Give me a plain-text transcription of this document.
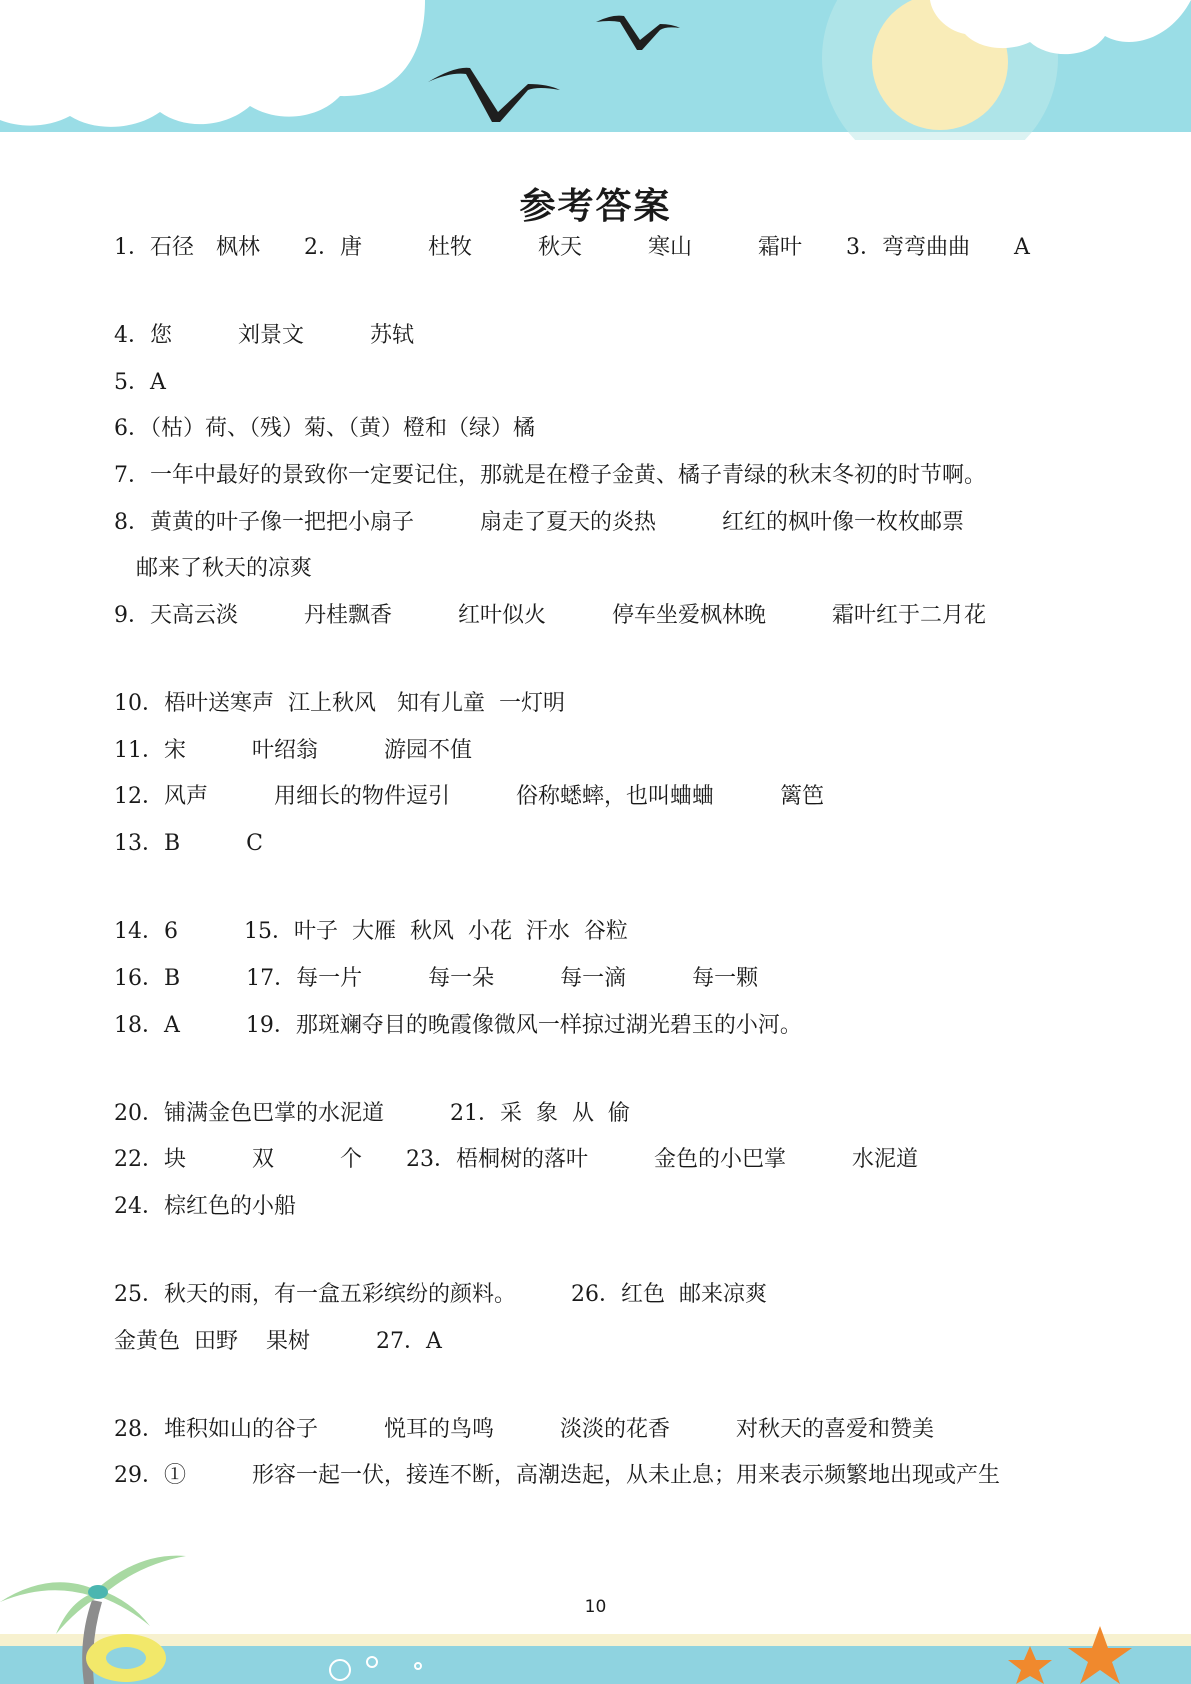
参考答案
1．石径　枫林　　2．唐　　　杜牧　　　秋天　　　寒山　　　霜叶　　3．弯弯曲曲　　A
4．您　　　刘景文　　　苏轼
5．A
6．（枯）荷、（残）菊、（黄）橙和（绿）橘
7．一年中最好的景致你一定要记住，那就是在橙子金黄、橘子青绿的秋末冬初的时节啊。
8．黄黄的叶子像一把把小扇子　　　扇走了夏天的炎热　　　红红的枫叶像一枚枚邮票
　邮来了秋天的凉爽
9．天高云淡　　　丹桂飘香　　　红叶似火　　　停车坐爱枫林晚　　　霜叶红于二月花
10．梧叶送寒声  江上秋风   知有儿童  一灯明
11．宋　　　叶绍翁　　　游园不值
12．风声　　　用细长的物件逗引　　　俗称蟋蟀，也叫蛐蛐　　　篱笆
13．B　　　C
14．6　　　15．叶子  大雁  秋风  小花  汗水  谷粒
16．B　　　17．每一片　　　每一朵　　　每一滴　　　每一颗
18．A　　　19．那斑斓夺目的晚霞像微风一样掠过湖光碧玉的小河。
20．铺满金色巴掌的水泥道　　　21．采  象  从  偷
22．块　　　双　　　个　　23．梧桐树的落叶　　　金色的小巴掌　　　水泥道
24．棕红色的小船
25．秋天的雨，有一盒五彩缤纷的颜料。　　　26．红色  邮来凉爽
金黄色  田野    果树　　　27．A
28．堆积如山的谷子　　　悦耳的鸟鸣　　　淡淡的花香　　　对秋天的喜爱和赞美
29．①　　　形容一起一伏，接连不断，高潮迭起，从未止息；用来表示频繁地出现或产生
10
